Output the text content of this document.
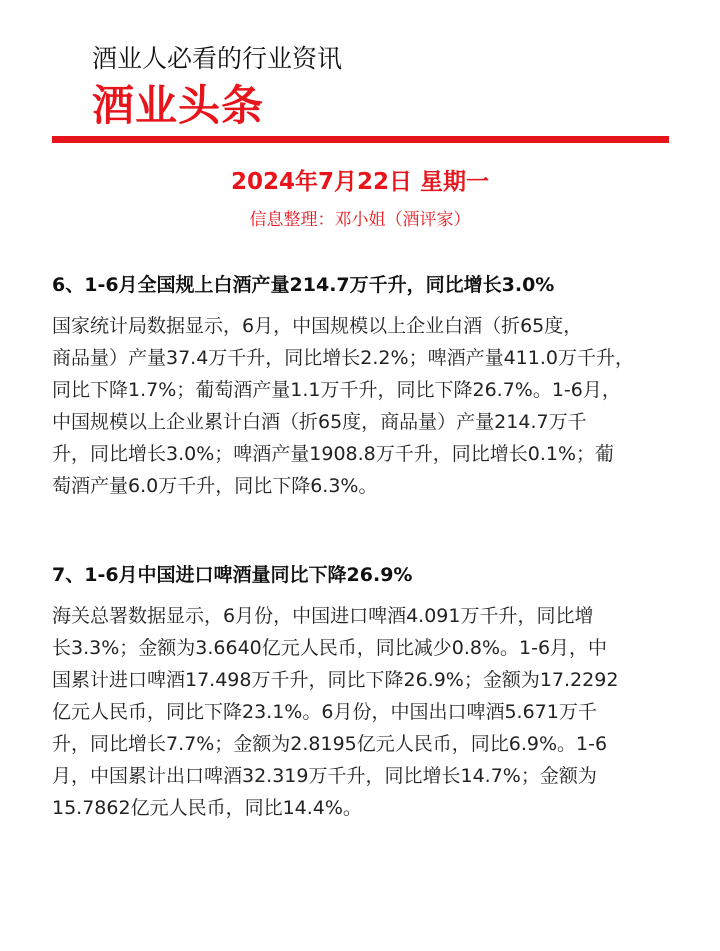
酒业人必看的行业资讯
酒业头条
2024年7月22日 星期一
信息整理：邓小姐（酒评家）
6、1-6月全国规上白酒产量214.7万千升，同比增长3.0%

国家统计局数据显示，6月，中国规模以上企业白酒（折65度，
商品量）产量37.4万千升，同比增长2.2%；啤酒产量411.0万千升，
同比下降1.7%；葡萄酒产量1.1万千升，同比下降26.7%。1-6月，
中国规模以上企业累计白酒（折65度，商品量）产量214.7万千
升，同比增长3.0%；啤酒产量1908.8万千升，同比增长0.1%；葡
萄酒产量6.0万千升，同比下降6.3%。

7、1-6月中国进口啤酒量同比下降26.9%

海关总署数据显示，6月份，中国进口啤酒4.091万千升，同比增
长3.3%；金额为3.6640亿元人民币，同比减少0.8%。1-6月，中
国累计进口啤酒17.498万千升，同比下降26.9%；金额为17.2292
亿元人民币，同比下降23.1%。6月份，中国出口啤酒5.671万千
升，同比增长7.7%；金额为2.8195亿元人民币，同比6.9%。1-6
月，中国累计出口啤酒32.319万千升，同比增长14.7%；金额为
15.7862亿元人民币，同比14.4%。
